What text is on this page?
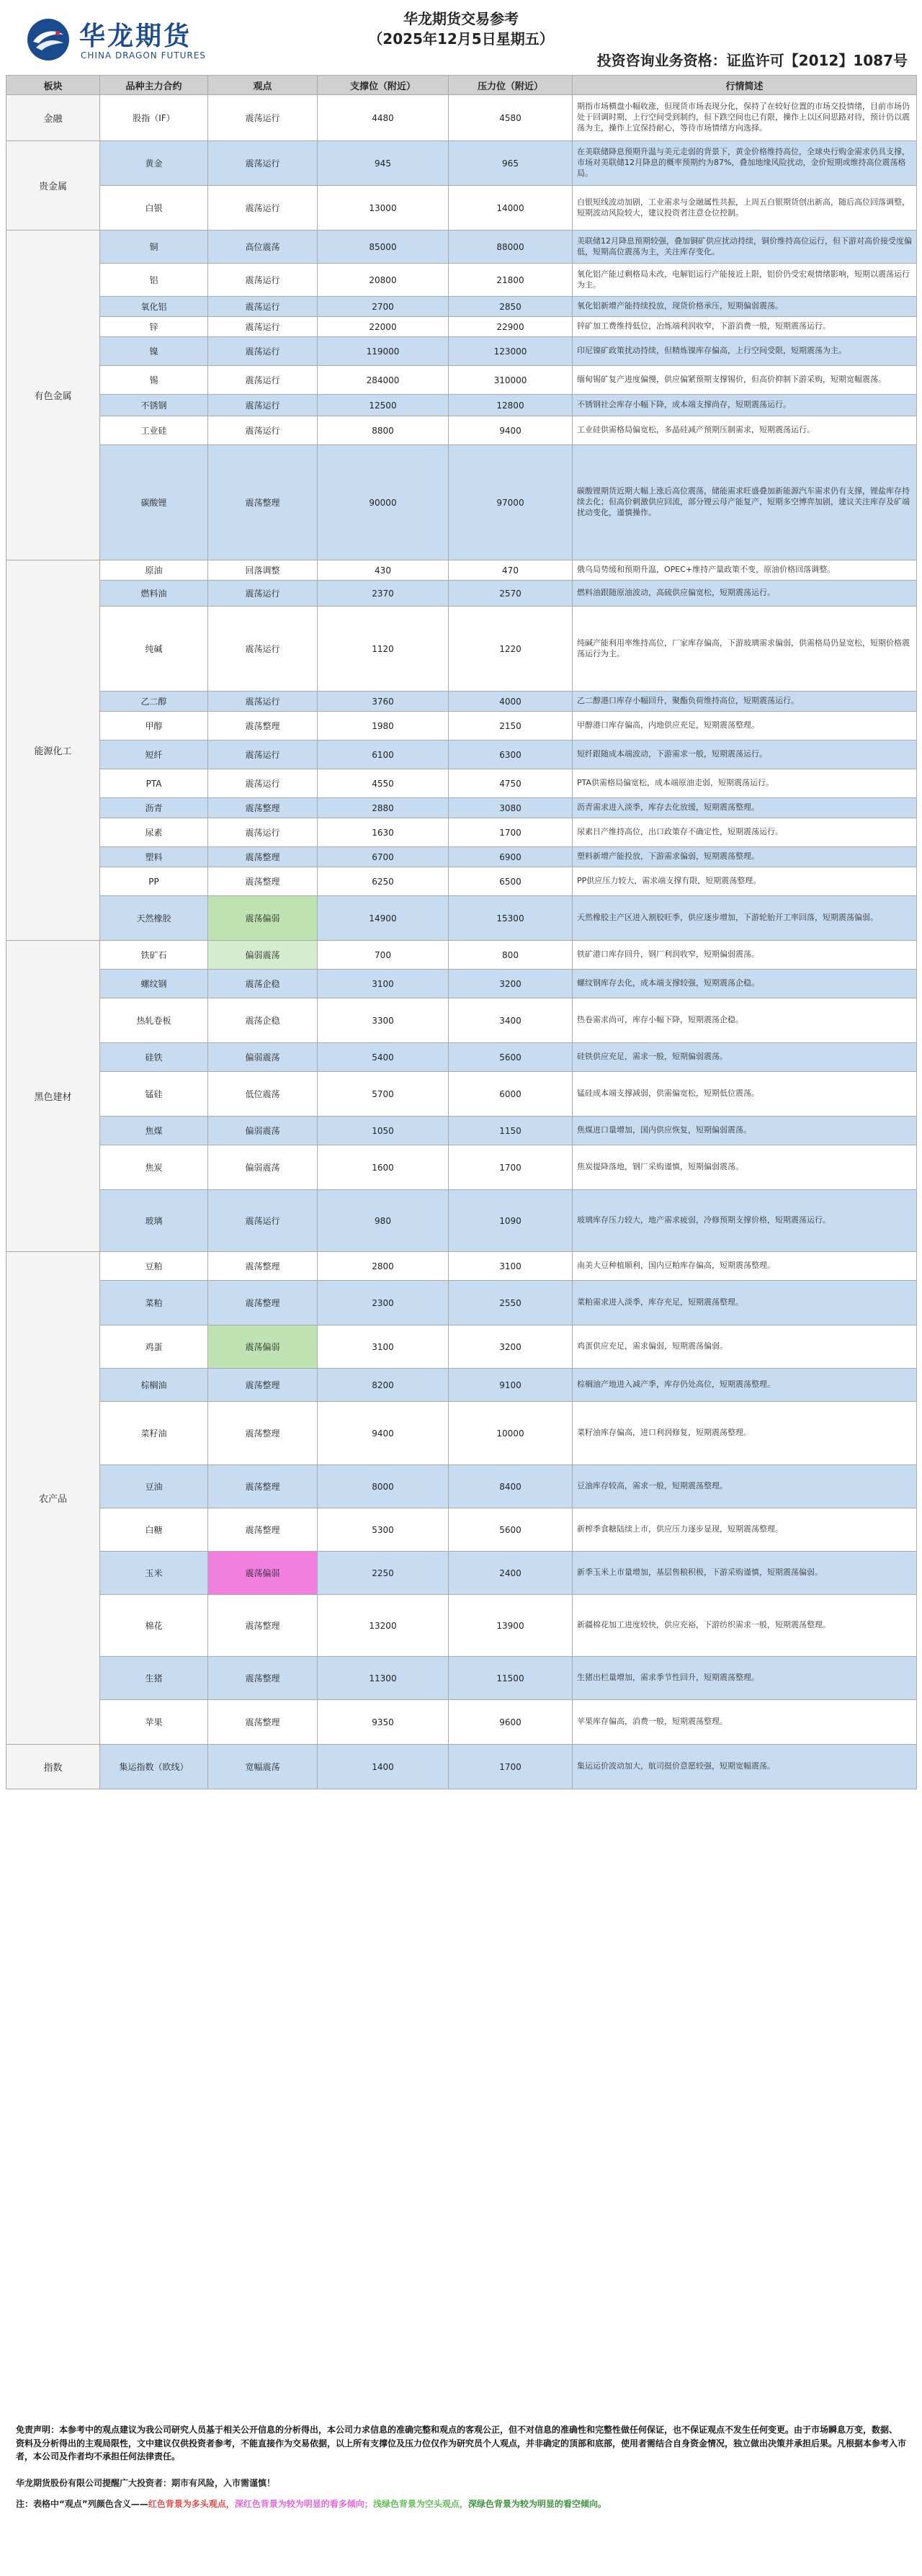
华龙期货
CHINA DRAGON FUTURES
华龙期货交易参考
（2025年12月5日星期五）
投资咨询业务资格：证监许可【2012】1087号
板块	品种主力合约	观点	支撑位（附近）	压力位（附近）	行情简述
金融	股指（IF）	震荡运行	4480	4580	期指市场横盘小幅收涨，但现货市场表现分化，保持了在较好位置的市场交投情绪，目前市场仍处于回调时期，上行空间受到制约，但下跌空间也已有限，操作上以区间思路对待，预计仍以震荡为主，操作上宜保持耐心，等待市场情绪方向选择。
贵金属	黄金	震荡运行	945	965	在美联储降息预期升温与美元走弱的背景下，黄金价格维持高位，全球央行购金需求仍具支撑，市场对美联储12月降息的概率预期约为87%，叠加地缘风险扰动，金价短期或维持高位震荡格局。
	白银	震荡运行	13000	14000	白银短线波动加剧，工业需求与金融属性共振，上周五白银期货创出新高，随后高位回落调整，短期波动风险较大，建议投资者注意仓位控制。
有色金属	铜	高位震荡	85000	88000	美联储12月降息预期较强，叠加铜矿供应扰动持续，铜价维持高位运行，但下游对高价接受度偏低，短期高位震荡为主，关注库存变化。
	铝	震荡运行	20800	21800	氧化铝产能过剩格局未改，电解铝运行产能接近上限，铝价仍受宏观情绪影响，短期以震荡运行为主。
	氧化铝	震荡运行	2700	2850	氧化铝新增产能持续投放，现货价格承压，短期偏弱震荡。
	锌	震荡运行	22000	22900	锌矿加工费维持低位，冶炼端利润收窄，下游消费一般，短期震荡运行。
	镍	震荡运行	119000	123000	印尼镍矿政策扰动持续，但精炼镍库存偏高，上行空间受限，短期震荡为主。
	锡	震荡运行	284000	310000	缅甸锡矿复产进度偏慢，供应偏紧预期支撑锡价，但高价抑制下游采购，短期宽幅震荡。
	不锈钢	震荡运行	12500	12800	不锈钢社会库存小幅下降，成本端支撑尚存，短期震荡运行。
	工业硅	震荡运行	8800	9400	工业硅供需格局偏宽松，多晶硅减产预期压制需求，短期震荡运行。
	碳酸锂	震荡整理	90000	97000	碳酸锂期货近期大幅上涨后高位震荡，储能需求旺盛叠加新能源汽车需求仍有支撑，锂盐库存持续去化；但高价刺激供应回流，部分锂云母产能复产，短期多空博弈加剧，建议关注库存及矿端扰动变化，谨慎操作。
能源化工	原油	回落调整	430	470	俄乌局势缓和预期升温，OPEC+维持产量政策不变，原油价格回落调整。
	燃料油	震荡运行	2370	2570	燃料油跟随原油波动，高硫供应偏宽松，短期震荡运行。
	纯碱	震荡运行	1120	1220	纯碱产能利用率维持高位，厂家库存偏高，下游玻璃需求偏弱，供需格局仍显宽松，短期价格震荡运行为主。
	乙二醇	震荡运行	3760	4000	乙二醇港口库存小幅回升，聚酯负荷维持高位，短期震荡运行。
	甲醇	震荡整理	1980	2150	甲醇港口库存偏高，内地供应充足，短期震荡整理。
	短纤	震荡运行	6100	6300	短纤跟随成本端波动，下游需求一般，短期震荡运行。
	PTA	震荡运行	4550	4750	PTA供需格局偏宽松，成本端原油走弱，短期震荡运行。
	沥青	震荡整理	2880	3080	沥青需求进入淡季，库存去化放缓，短期震荡整理。
	尿素	震荡运行	1630	1700	尿素日产维持高位，出口政策存不确定性，短期震荡运行。
	塑料	震荡整理	6700	6900	塑料新增产能投放，下游需求偏弱，短期震荡整理。
	PP	震荡整理	6250	6500	PP供应压力较大，需求端支撑有限，短期震荡整理。
	天然橡胶	震荡偏弱	14900	15300	天然橡胶主产区进入割胶旺季，供应逐步增加，下游轮胎开工率回落，短期震荡偏弱。
黑色建材	铁矿石	偏弱震荡	700	800	铁矿港口库存回升，钢厂利润收窄，短期偏弱震荡。
	螺纹钢	震荡企稳	3100	3200	螺纹钢库存去化，成本端支撑较强，短期震荡企稳。
	热轧卷板	震荡企稳	3300	3400	热卷需求尚可，库存小幅下降，短期震荡企稳。
	硅铁	偏弱震荡	5400	5600	硅铁供应充足，需求一般，短期偏弱震荡。
	锰硅	低位震荡	5700	6000	锰硅成本端支撑减弱，供需偏宽松，短期低位震荡。
	焦煤	偏弱震荡	1050	1150	焦煤进口量增加，国内供应恢复，短期偏弱震荡。
	焦炭	偏弱震荡	1600	1700	焦炭提降落地，钢厂采购谨慎，短期偏弱震荡。
	玻璃	震荡运行	980	1090	玻璃库存压力较大，地产需求疲弱，冷修预期支撑价格，短期震荡运行。
农产品	豆粕	震荡整理	2800	3100	南美大豆种植顺利，国内豆粕库存偏高，短期震荡整理。
	菜粕	震荡整理	2300	2550	菜粕需求进入淡季，库存充足，短期震荡整理。
	鸡蛋	震荡偏弱	3100	3200	鸡蛋供应充足，需求偏弱，短期震荡偏弱。
	棕榈油	震荡整理	8200	9100	棕榈油产地进入减产季，库存仍处高位，短期震荡整理。
	菜籽油	震荡整理	9400	10000	菜籽油库存偏高，进口利润修复，短期震荡整理。
	豆油	震荡整理	8000	8400	豆油库存较高，需求一般，短期震荡整理。
	白糖	震荡整理	5300	5600	新榨季食糖陆续上市，供应压力逐步显现，短期震荡整理。
	玉米	震荡偏弱	2250	2400	新季玉米上市量增加，基层售粮积极，下游采购谨慎，短期震荡偏弱。
	棉花	震荡整理	13200	13900	新疆棉花加工进度较快，供应充裕，下游纺织需求一般，短期震荡整理。
	生猪	震荡整理	11300	11500	生猪出栏量增加，需求季节性回升，短期震荡整理。
	苹果	震荡整理	9350	9600	苹果库存偏高，消费一般，短期震荡整理。
指数	集运指数（欧线）	宽幅震荡	1400	1700	集运运价波动加大，航司挺价意愿较强，短期宽幅震荡。
免责声明：本参考中的观点建议为我公司研究人员基于相关公开信息的分析得出，本公司力求信息的准确完整和观点的客观公正，但不对信息的准确性和完整性做任何保证，也不保证观点不发生任何变更。由于市场瞬息万变，数据、资料及分析得出的主观局限性，文中建议仅供投资者参考，不能直接作为交易依据，以上所有支撑位及压力位仅作为研究员个人观点，并非确定的顶部和底部，使用者需结合自身资金情况，独立做出决策并承担后果。凡根据本参考入市者，本公司及作者均不承担任何法律责任。
华龙期货股份有限公司提醒广大投资者：期市有风险，入市需谨慎！
注：表格中“观点”列颜色含义——红色背景为多头观点，深红色背景为较为明显的看多倾向；浅绿色背景为空头观点，深绿色背景为较为明显的看空倾向。
